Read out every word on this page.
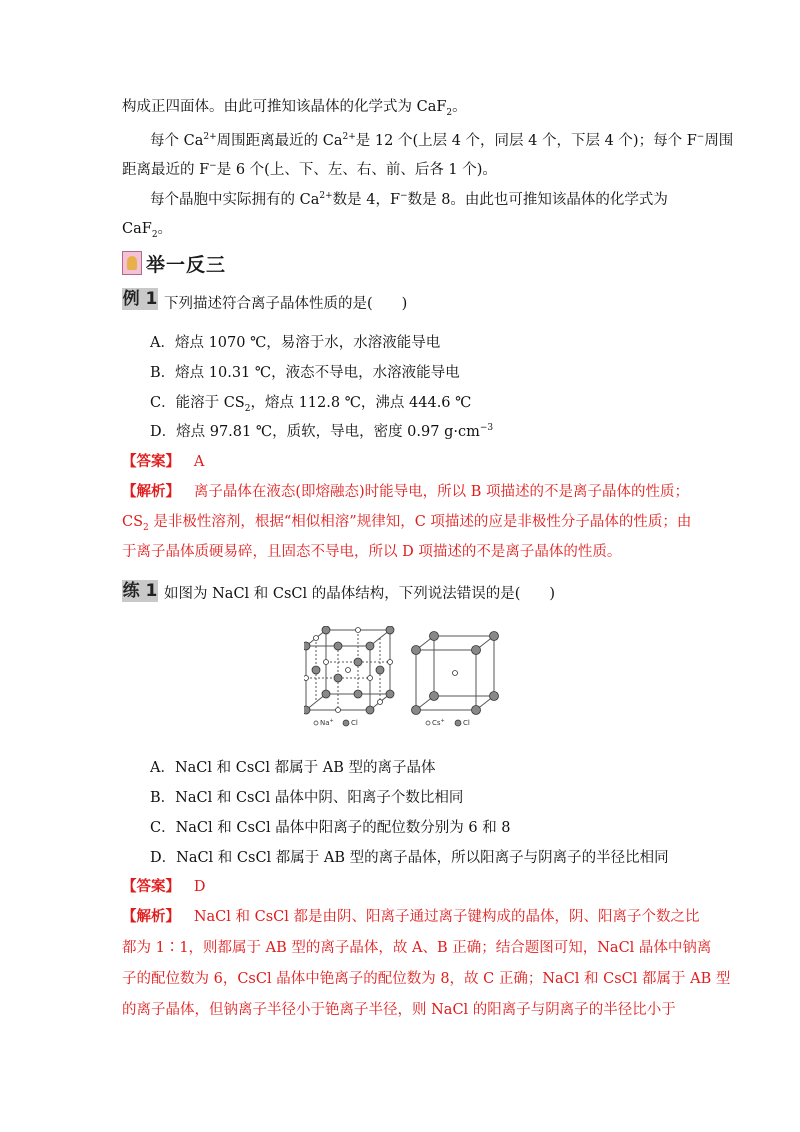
构成正四面体。由此可推知该晶体的化学式为 CaF$_2$。
每个 $Ca^{2+}$周围距离最近的 $Ca^{2+}$是 12 个(上层 4 个，同层 4 个，下层 4 个)；每个 F−周围
距离最近的 F−是 6 个(上、下、左、右、前、后各 1 个)。
每个晶胞中实际拥有的 $Ca^{2+}$数是 4，F−数是 8。由此也可推知该晶体的化学式为
CaF$_2$。
举一反三
例 1 下列描述符合离子晶体性质的是(　　)
A．熔点 1070 ℃，易溶于水，水溶液能导电
B．熔点 10.31 ℃，液态不导电，水溶液能导电
C．能溶于 $CS_2$，熔点 112.8 ℃，沸点 444.6 ℃
D．熔点 97.81 ℃，质软，导电，密度 0.97 $g\cdot cm^{-3}$
【答案】 A
【解析】 离子晶体在液态(即熔融态)时能导电，所以 B 项描述的不是离子晶体的性质；
$CS_2$ 是非极性溶剂，根据“相似相溶”规律知，C 项描述的应是非极性分子晶体的性质；由
于离子晶体质硬易碎，且固态不导电，所以 D 项描述的不是离子晶体的性质。
练 1 如图为 NaCl 和 CsCl 的晶体结构，下列说法错误的是(　　)
Na+ Cl	Cs+	Cl
A．NaCl 和 CsCl 都属于 AB 型的离子晶体
B．NaCl 和 CsCl 晶体中阴、阳离子个数比相同
C．NaCl 和 CsCl 晶体中阳离子的配位数分别为 6 和 8
D．NaCl 和 CsCl 都属于 AB 型的离子晶体，所以阳离子与阴离子的半径比相同
【答案】 D
【解析】 NaCl 和 CsCl 都是由阴、阳离子通过离子键构成的晶体，阴、阳离子个数之比
都为 1∶1，则都属于 AB 型的离子晶体，故 A、B 正确；结合题图可知，NaCl 晶体中钠离
子的配位数为 6，CsCl 晶体中铯离子的配位数为 8，故 C 正确；NaCl 和 CsCl 都属于 AB 型
的离子晶体，但钠离子半径小于铯离子半径，则 NaCl 的阳离子与阴离子的半径比小于
